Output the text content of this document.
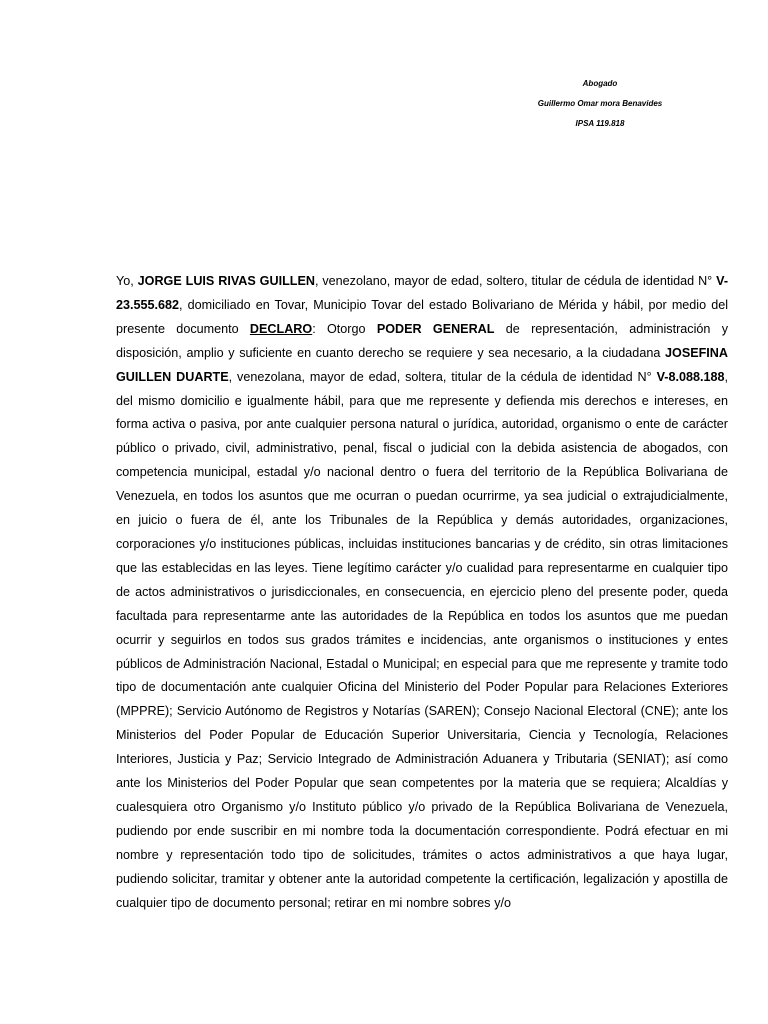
Abogado
Guillermo Omar mora Benavides
IPSA 119.818
Yo, JORGE LUIS RIVAS GUILLEN, venezolano, mayor de edad, soltero, titular de cédula de identidad N° V-23.555.682, domiciliado en Tovar, Municipio Tovar del estado Bolivariano de Mérida y hábil, por medio del presente documento DECLARO: Otorgo PODER GENERAL de representación, administración y disposición, amplio y suficiente en cuanto derecho se requiere y sea necesario, a la ciudadana JOSEFINA GUILLEN DUARTE, venezolana, mayor de edad, soltera, titular de la cédula de identidad N° V-8.088.188, del mismo domicilio e igualmente hábil, para que me represente y defienda mis derechos e intereses, en forma activa o pasiva, por ante cualquier persona natural o jurídica, autoridad, organismo o ente de carácter público o privado, civil, administrativo, penal, fiscal o judicial con la debida asistencia de abogados, con competencia municipal, estadal y/o nacional dentro o fuera del territorio de la República Bolivariana de Venezuela, en todos los asuntos que me ocurran o puedan ocurrirme, ya sea judicial o extrajudicialmente, en juicio o fuera de él, ante los Tribunales de la República y demás autoridades, organizaciones, corporaciones y/o instituciones públicas, incluidas instituciones bancarias y de crédito, sin otras limitaciones que las establecidas en las leyes. Tiene legítimo carácter y/o cualidad para representarme en cualquier tipo de actos administrativos o jurisdiccionales, en consecuencia, en ejercicio pleno del presente poder, queda facultada para representarme ante las autoridades de la República en todos los asuntos que me puedan ocurrir y seguirlos en todos sus grados trámites e incidencias, ante organismos o instituciones y entes públicos de Administración Nacional, Estadal o Municipal; en especial para que me represente y tramite todo tipo de documentación ante cualquier Oficina del Ministerio del Poder Popular para Relaciones Exteriores (MPPRE); Servicio Autónomo de Registros y Notarías (SAREN); Consejo Nacional Electoral (CNE); ante los Ministerios del Poder Popular de Educación Superior Universitaria, Ciencia y Tecnología, Relaciones Interiores, Justicia y Paz; Servicio Integrado de Administración Aduanera y Tributaria (SENIAT); así como ante los Ministerios del Poder Popular que sean competentes por la materia que se requiera; Alcaldías y cualesquiera otro Organismo y/o Instituto público y/o privado de la República Bolivariana de Venezuela, pudiendo por ende suscribir en mi nombre toda la documentación correspondiente. Podrá efectuar en mi nombre y representación todo tipo de solicitudes, trámites o actos administrativos a que haya lugar, pudiendo solicitar, tramitar y obtener ante la autoridad competente la certificación, legalización y apostilla de cualquier tipo de documento personal; retirar en mi nombre sobres y/o
